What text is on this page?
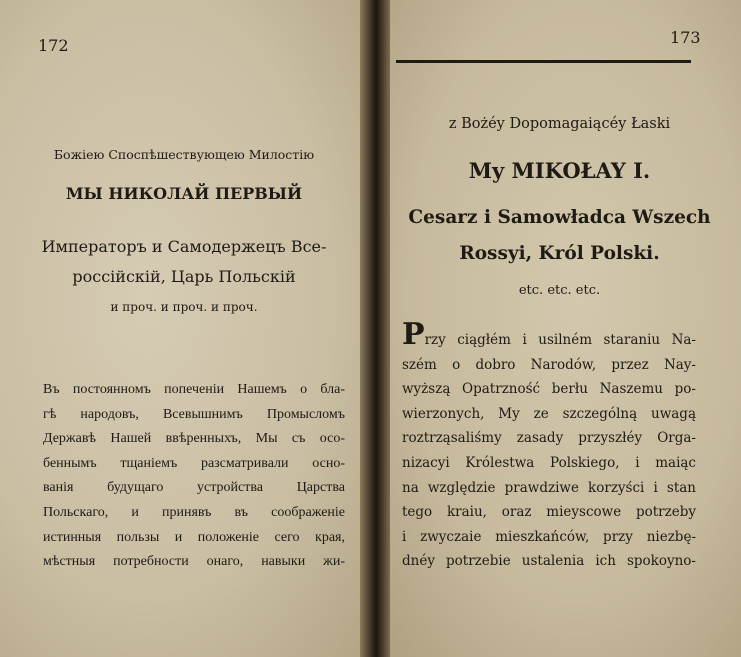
172
Божiею Споспѣшествующею Милостiю
МЫ НИКОЛАЙ ПЕРВЫЙ
Императоръ и Самодержецъ Все-
россiйскiй, Царь Польскiй
и проч. и проч. и проч.
Въ постоянномъ попеченiи Нашемъ о бла-
гѣ народовъ, Всевышнимъ Промысломъ
Державѣ Нашей ввѣренныхъ, Мы съ осо-
беннымъ тщанiемъ разсматривали осно-
ванiя будущаго устройства Царства
Польскаго, и принявъ въ соображенiе
истинныя пользы и положенiе сего края,
мѣстныя потребности онаго, навыки жи-
173
z Bożéy Dopomagaiącéy Łaski
My MIKOŁAY I.
Cesarz i Samowładca Wszech
Rossyi, Król Polski.
etc. etc. etc.
Przy ciągłém i usilném staraniu Na-
szém o dobro Narodów, przez Nay-
wyższą Opatrzność berłu Naszemu po-
wierzonych, My ze szczególną uwagą
roztrząsaliśmy zasady przyszłéy Orga-
nizacyi Królestwa Polskiego, i maiąc
na względzie prawdziwe korzyści i stan
tego kraiu, oraz mieyscowe potrzeby
i zwyczaie mieszkańców, przy niezbę-
dnéy potrzebie ustalenia ich spokoyno-
